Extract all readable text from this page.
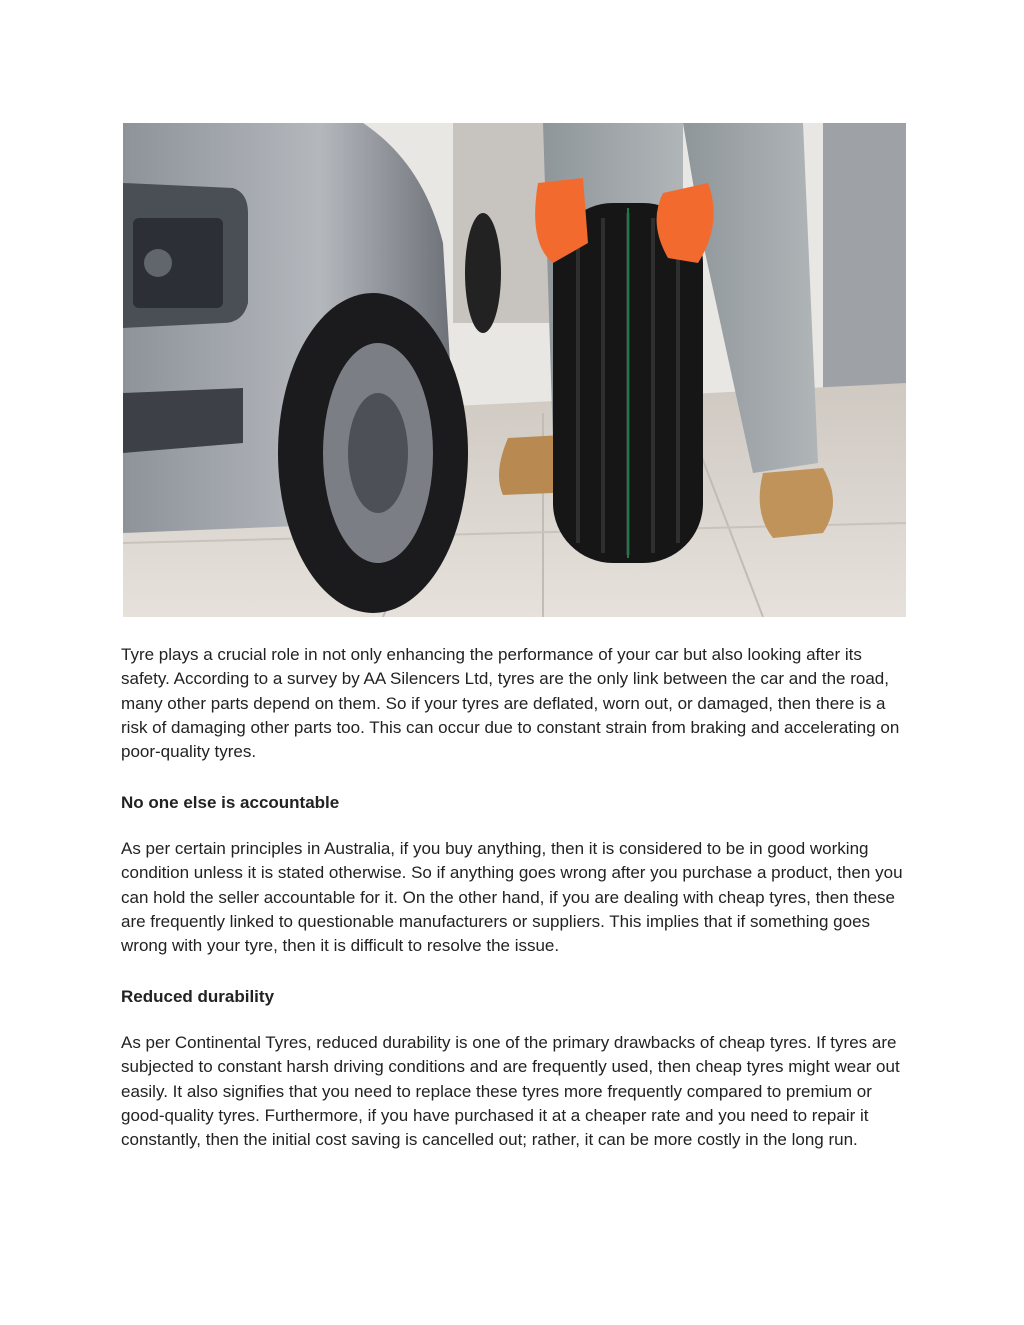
Tyre plays a crucial role in not only enhancing the performance of your car but also looking after its safety. According to a survey by AA Silencers Ltd, tyres are the only link between the car and the road, many other parts depend on them. So if your tyres are deflated, worn out, or damaged, then there is a risk of damaging other parts too. This can occur due to constant strain from braking and accelerating on poor-quality tyres.

No one else is accountable

As per certain principles in Australia, if you buy anything, then it is considered to be in good working condition unless it is stated otherwise. So if anything goes wrong after you purchase a product, then you can hold the seller accountable for it. On the other hand, if you are dealing with cheap tyres, then these are frequently linked to questionable manufacturers or suppliers. This implies that if something goes wrong with your tyre, then it is difficult to resolve the issue.

Reduced durability

As per Continental Tyres, reduced durability is one of the primary drawbacks of cheap tyres. If tyres are subjected to constant harsh driving conditions and are frequently used, then cheap tyres might wear out easily. It also signifies that you need to replace these tyres more frequently compared to premium or good-quality tyres. Furthermore, if you have purchased it at a cheaper rate and you need to repair it constantly, then the initial cost saving is cancelled out; rather, it can be more costly in the long run.
